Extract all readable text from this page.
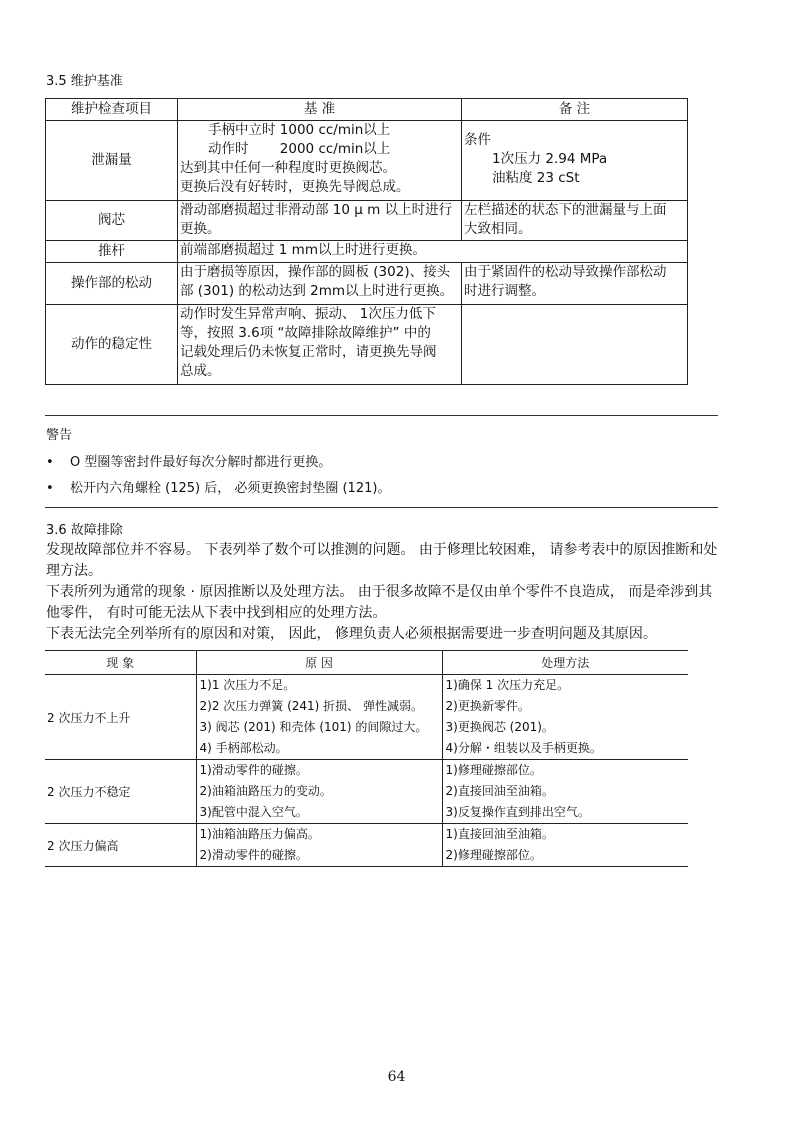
3.5 维护基准
维护检查项目	基 准	备 注
泄漏量	手柄中立时 1000 cc/min以上
动作时　　 2000 cc/min以上
达到其中任何一种程度时更换阀芯。
更换后没有好转时，更换先导阀总成。	条件
1次压力 2.94 MPa
油粘度 23 cSt

阀芯	滑动部磨损超过非滑动部 10 μ m 以上时进行
更换。	左栏描述的状态下的泄漏量与上面
大致相同。

推杆	前端部磨损超过 1 mm以上时进行更换。	

操作部的松动	由于磨损等原因，操作部的圆板 (302)、接头
部 (301) 的松动达到 2mm以上时进行更换。	由于紧固件的松动导致操作部松动
时进行调整。

动作的稳定性	动作时发生异常声响、振动、 1次压力低下
等，按照 3.6项 “故障排除故障维护” 中的
记载处理后仍未恢复正常时，请更换先导阀
总成。	

警告
• O 型圈等密封件最好每次分解时都进行更换。
• 松开内六角螺栓 (125) 后， 必须更换密封垫圈 (121)。
3.6 故障排除

发现故障部位并不容易。 下表列举了数个可以推测的问题。 由于修理比较困难， 请参考表中的原因推断和处理方法。

下表所列为通常的现象 · 原因推断以及处理方法。 由于很多故障不是仅由单个零件不良造成， 而是牵涉到其他零件， 有时可能无法从下表中找到相应的处理方法。

下表无法完全列举所有的原因和对策， 因此， 修理负责人必须根据需要进一步查明问题及其原因。

现 象	原 因	处理方法
2 次压力不上升	1)1 次压力不足。
2)2 次压力弹簧 (241) 折损、 弹性减弱。
3) 阀芯 (201) 和壳体 (101) 的间隙过大。
4) 手柄部松动。	1)确保 1 次压力充足。
2)更换新零件。
3)更换阀芯 (201)。
4)分解・组装以及手柄更换。

2 次压力不稳定	1)滑动零件的碰擦。
2)油箱油路压力的变动。
3)配管中混入空气。	1)修理碰擦部位。
2)直接回油至油箱。
3)反复操作直到排出空气。

2 次压力偏高	1)油箱油路压力偏高。
2)滑动零件的碰擦。	1)直接回油至油箱。
2)修理碰擦部位。
64
